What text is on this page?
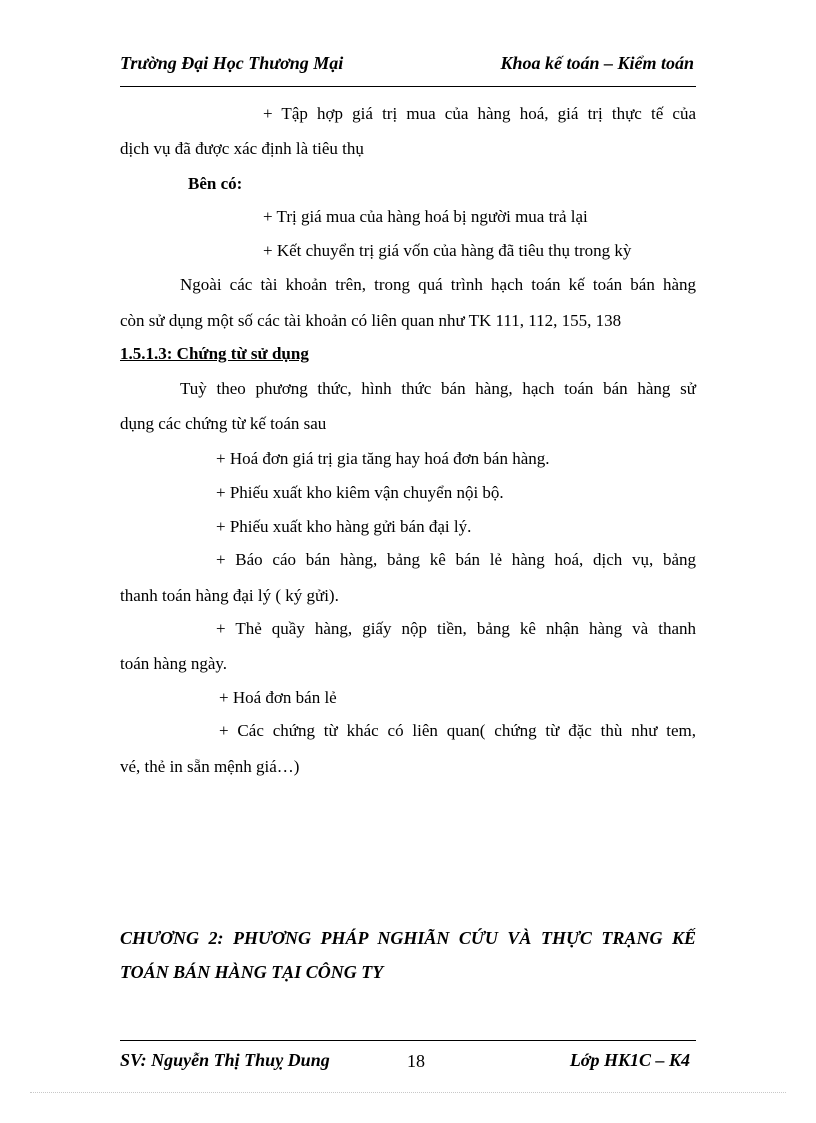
Trường Đại Học Thương Mại	Khoa kế toán – Kiểm toán
+ Tập hợp giá trị mua của hàng hoá, giá trị thực tế của
dịch vụ đã được xác định là tiêu thụ
Bên có:
+ Trị giá mua của hàng hoá bị người mua trả lại
+ Kết chuyển trị giá vốn của hàng đã tiêu thụ trong kỳ
Ngoài các tài khoản trên, trong quá trình hạch toán kế toán bán hàng
còn sử dụng một số các tài khoản có liên quan như TK 111, 112, 155, 138
1.5.1.3: Chứng từ sử dụng
Tuỳ theo phương thức, hình thức bán hàng, hạch toán bán hàng sử
dụng các chứng từ kế toán sau
+ Hoá đơn giá trị gia tăng hay hoá đơn bán hàng.
+ Phiếu xuất kho kiêm vận chuyển nội bộ.
+ Phiếu xuất kho hàng gửi bán đại lý.
+ Báo cáo bán hàng, bảng kê bán lẻ hàng hoá, dịch vụ, bảng
thanh toán hàng đại lý ( ký gửi).
+ Thẻ quầy hàng, giấy nộp tiền, bảng kê nhận hàng và thanh
toán hàng ngày.
+ Hoá đơn bán lẻ
+ Các chứng từ khác có liên quan( chứng từ đặc thù như tem,
vé, thẻ in sẵn mệnh giá…)
CHƯƠNG 2: PHƯƠNG PHÁP NGHIÃN CỨU VÀ THỰC TRẠNG KẾ
TOÁN BÁN HÀNG TẠI CÔNG TY
SV: Nguyễn Thị Thuỵ Dung	18	Lớp HK1C – K4
